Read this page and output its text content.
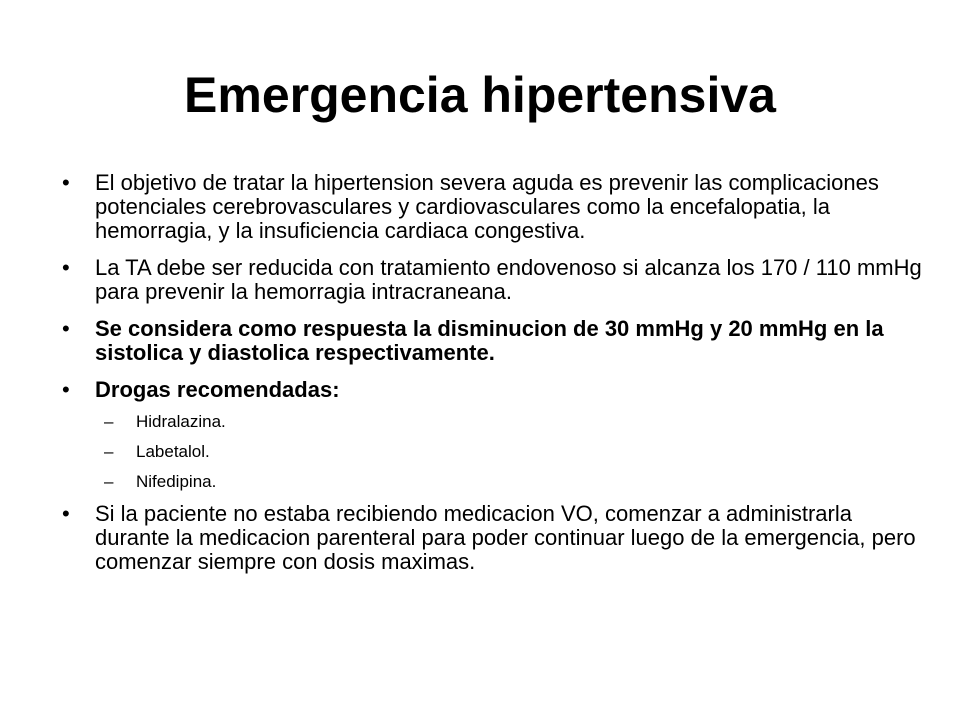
Emergencia hipertensiva
• El objetivo de tratar la hipertension severa aguda es prevenir las complicaciones potenciales cerebrovasculares y cardiovasculares como la encefalopatia, la hemorragia, y la insuficiencia cardiaca congestiva.
• La TA debe ser reducida con tratamiento endovenoso si alcanza los 170 / 110 mmHg para prevenir la hemorragia intracraneana.
• Se considera como respuesta la disminucion de 30 mmHg y 20 mmHg en la sistolica y diastolica respectivamente.
• Drogas recomendadas:
– Hidralazina.
– Labetalol.
– Nifedipina.
• Si la paciente no estaba recibiendo medicacion VO, comenzar a administrarla durante la medicacion parenteral para poder continuar luego de la emergencia, pero comenzar siempre con dosis maximas.
